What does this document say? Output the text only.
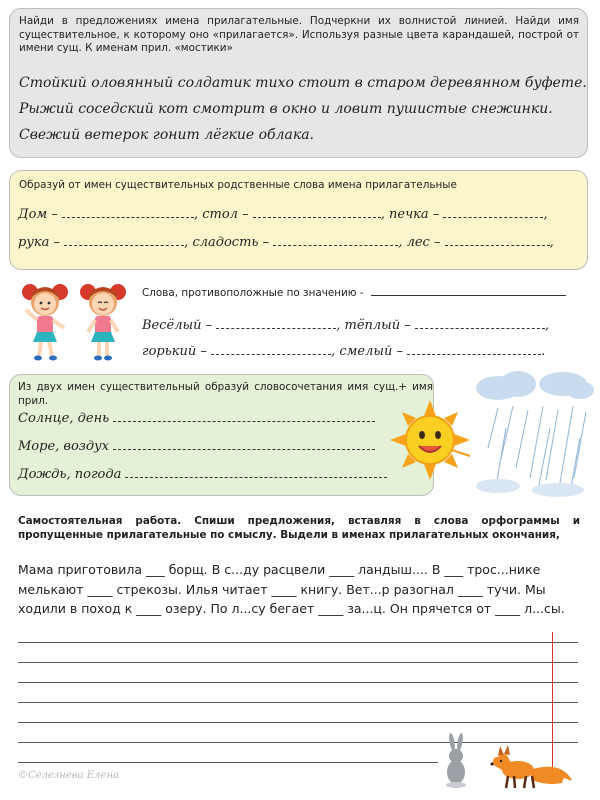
Найди в предложениях имена прилагательные. Подчеркни их волнистой линией. Найди имя существительное, к которому оно «прилагается». Используя разные цвета карандашей, построй от имени сущ. К именам прил. «мостики»
Стойкий оловянный солдатик тихо стоит в старом деревянном буфете.
Рыжий соседский кот смотрит в окно и ловит пушистые снежинки.
Свежий ветерок гонит лёгкие облака.
Образуй от имен существительных родственные слова имена прилагательные
Дом –	, стол –	, печка –	,
рука –	, сладость –	, лес –	,
Слова, противоположные по значению -
Весёлый –	, тёплый –	,
горький –	, смелый –	.
Из двух имен существительный образуй словосочетания имя сущ.+ имя прил.
Солнце, день
Море, воздух
Дождь, погода
Самостоятельная работа. Спиши предложения, вставляя в слова орфограммы и пропущенные прилагательные по смыслу. Выдели в именах прилагательных окончания,
Мама приготовила ___ борщ. В с...ду расцвели ____ ландыш.... В ___ трос...нике
мелькают ____ стрекозы. Илья читает ____ книгу. Вет...р разогнал ____ тучи. Мы
ходили в поход к ____ озеру. По л...су бегает ____ за...ц. Он прячется от ____ л...сы.
©Селезнева Елена
